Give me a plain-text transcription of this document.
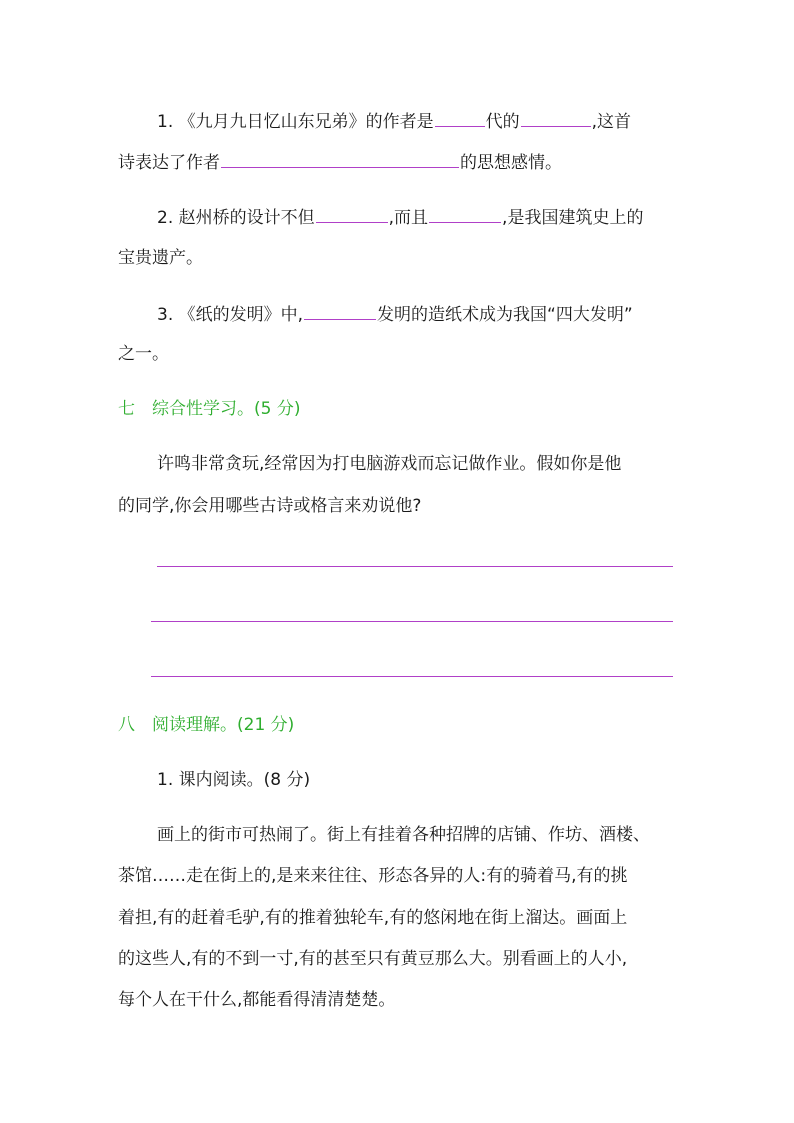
1. 《九月九日忆山东兄弟》的作者是	代的	,这首
诗表达了作者	的思想感情。
2. 赵州桥的设计不但	,而且	,是我国建筑史上的
宝贵遗产。
3. 《纸的发明》中,	发明的造纸术成为我国“四大发明”
之一。
七　综合性学习。(5 分)
许鸣非常贪玩,经常因为打电脑游戏而忘记做作业。假如你是他
的同学,你会用哪些古诗或格言来劝说他?
八　阅读理解。(21 分)
1. 课内阅读。(8 分)
画上的街市可热闹了。街上有挂着各种招牌的店铺、作坊、酒楼、
茶馆……走在街上的,是来来往往、形态各异的人:有的骑着马,有的挑
着担,有的赶着毛驴,有的推着独轮车,有的悠闲地在街上溜达。画面上
的这些人,有的不到一寸,有的甚至只有黄豆那么大。别看画上的人小,
每个人在干什么,都能看得清清楚楚。
